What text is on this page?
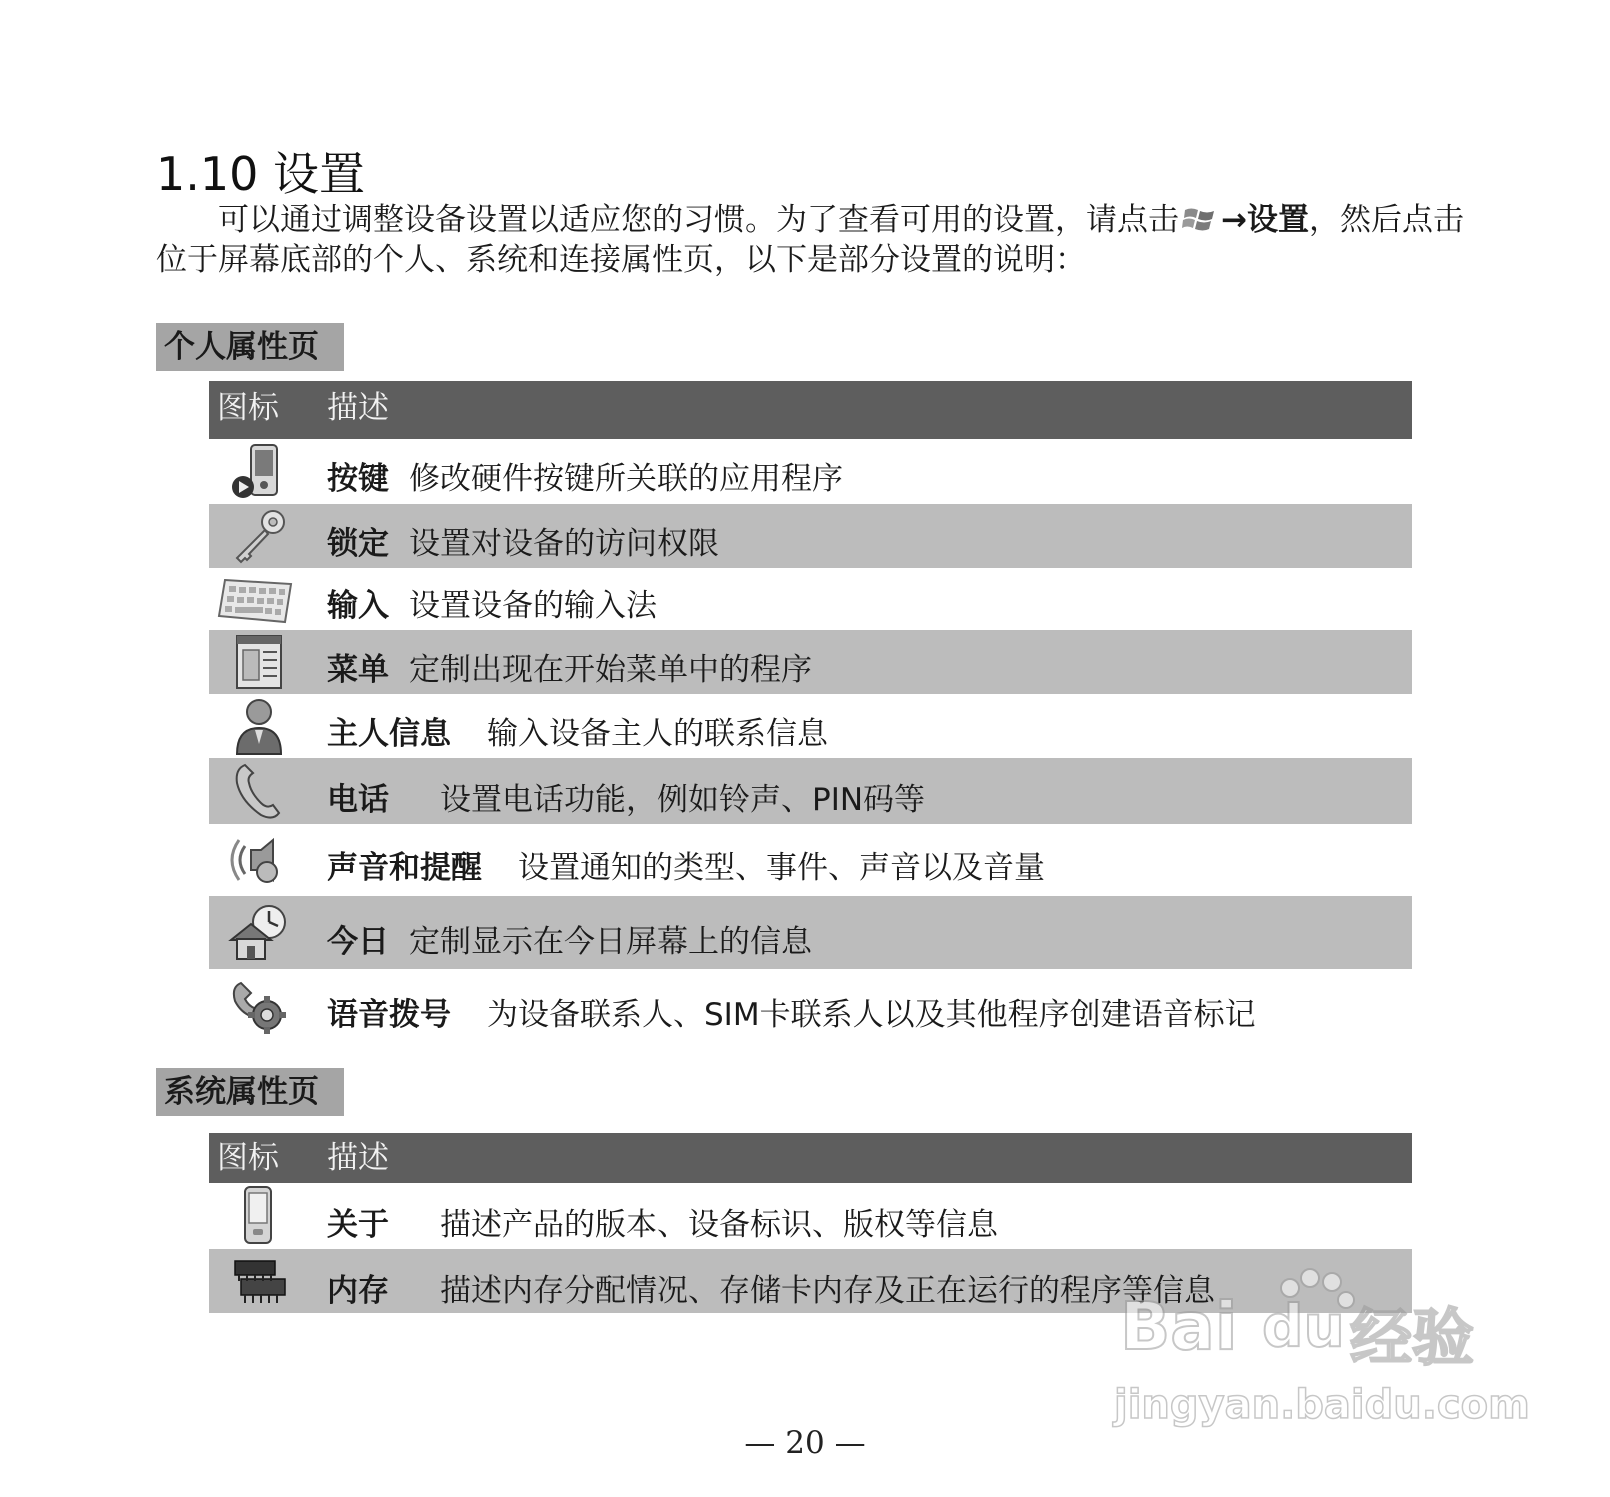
1.10 设置
可以通过调整设备设置以适应您的习惯。为了查看可用的设置，请点击 →设置，然后点击位于屏幕底部的个人、系统和连接属性页，以下是部分设置的说明：
个人属性页
图标 描述
按键 修改硬件按键所关联的应用程序
锁定 设置对设备的访问权限
输入 设置设备的输入法
菜单 定制出现在开始菜单中的程序
主人信息 输入设备主人的联系信息
电话 设置电话功能，例如铃声、PIN码等
声音和提醒 设置通知的类型、事件、声音以及音量
今日 定制显示在今日屏幕上的信息
语音拨号 为设备联系人、SIM卡联系人以及其他程序创建语音标记
系统属性页
图标 描述
关于 描述产品的版本、设备标识、版权等信息
内存 描述内存分配情况、存储卡内存及正在运行的程序等信息
Bai du 经验
jingyan.baidu.com
— 20 —
